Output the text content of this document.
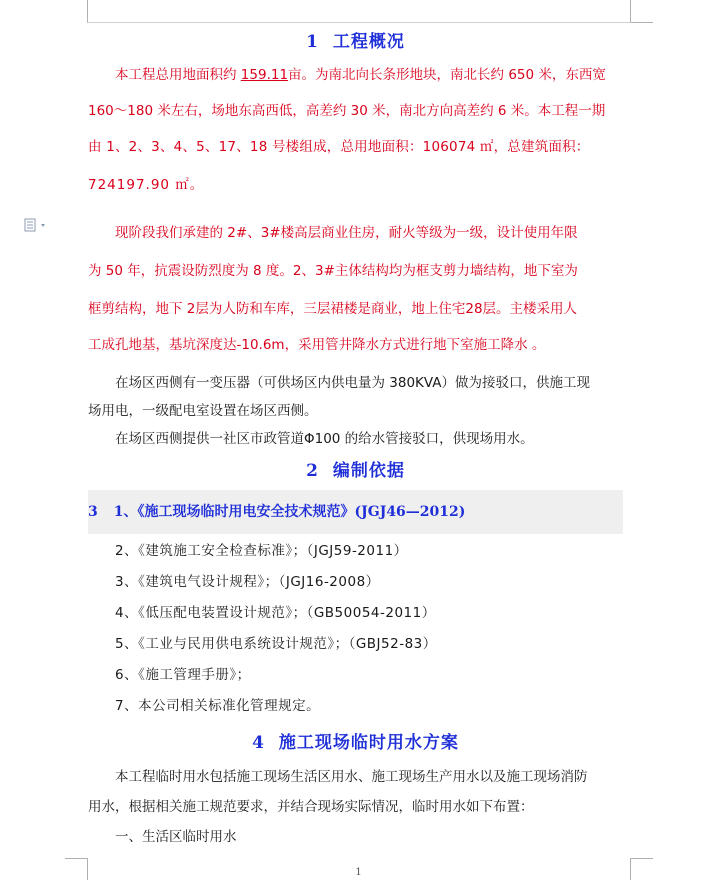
1 工程概况

本工程总用地面积约 159.11亩。为南北向长条形地块，南北长约 650 米，东西宽

160～180 米左右，场地东高西低，高差约 30 米，南北方向高差约 6 米。本工程一期

由 1、2、3、4、5、17、18 号楼组成，总用地面积：106074 ㎡，总建筑面积：

724197.90 ㎡。

现阶段我们承建的 2#、3#楼高层商业住房，耐火等级为一级，设计使用年限

为 50 年，抗震设防烈度为 8 度。2、3#主体结构均为框支剪力墙结构，地下室为

框剪结构，地下 2层为人防和车库，三层裙楼是商业，地上住宅28层。主楼采用人

工成孔地基，基坑深度达-10.6m，采用管井降水方式进行地下室施工降水 。

在场区西侧有一变压器（可供场区内供电量为 380KVA）做为接驳口，供施工现

场用电，一级配电室设置在场区西侧。

在场区西侧提供一社区市政管道Φ100 的给水管接驳口，供现场用水。

2 编制依据
3 1、《施工现场临时用电安全技术规范》(JGJ46—2012)

2、《建筑施工安全检查标准》；（JGJ59-2011）

3、《建筑电气设计规程》；（JGJ16-2008）

4、《低压配电装置设计规范》；（GB50054-2011）

5、《工业与民用供电系统设计规范》；（GBJ52-83）

6、《施工管理手册》；

7、本公司相关标准化管理规定。

4 施工现场临时用水方案

本工程临时用水包括施工现场生活区用水、施工现场生产用水以及施工现场消防

用水，根据相关施工规范要求，并结合现场实际情况，临时用水如下布置：

一、生活区临时用水

1
